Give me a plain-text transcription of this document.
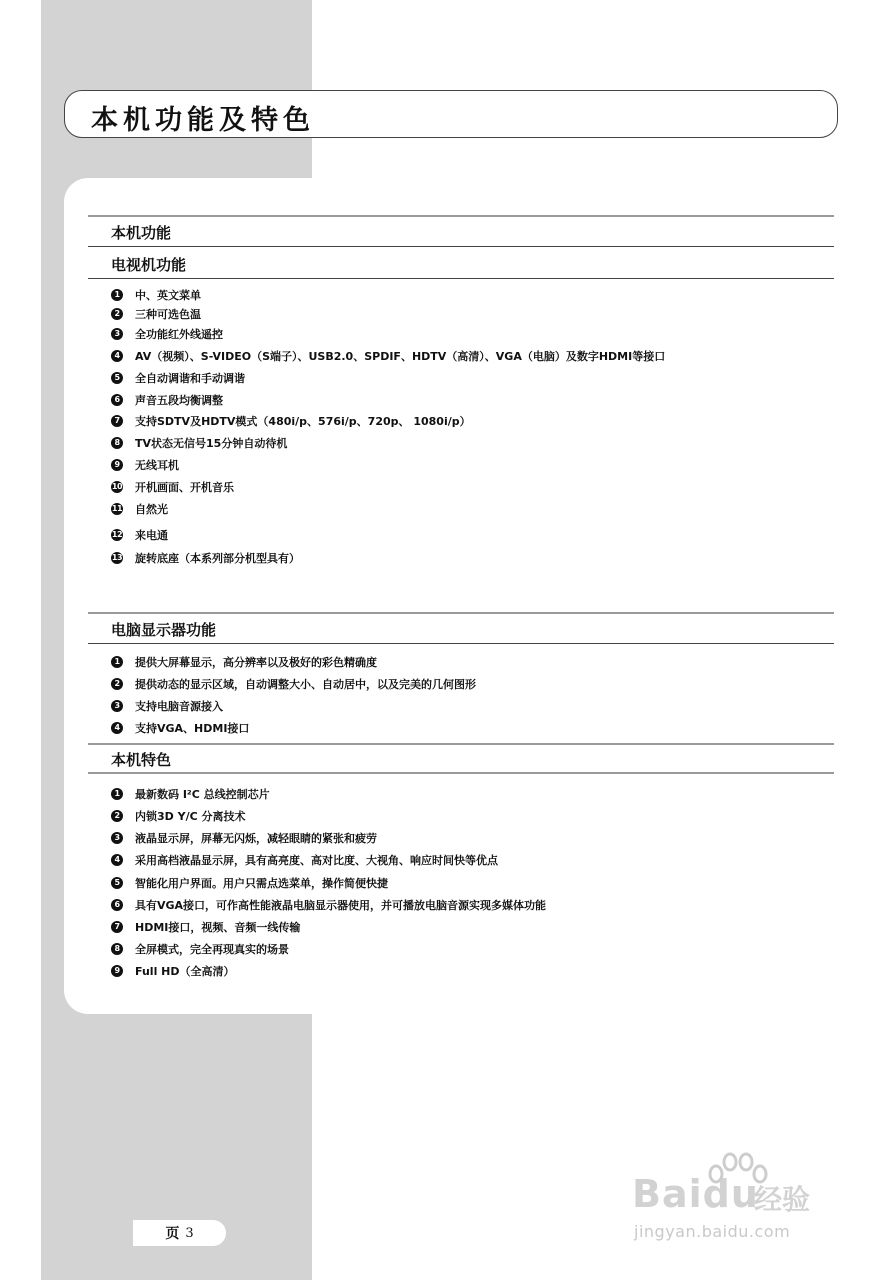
本机功能及特色
本机功能
电视机功能
1	中、英文菜单
2	三种可选色温
3	全功能红外线遥控
4	AV（视频）、S-VIDEO（S端子）、USB2.0、SPDIF、HDTV（高清）、VGA（电脑）及数字HDMI等接口
5	全自动调谐和手动调谐
6	声音五段均衡调整
7	支持SDTV及HDTV模式（480i/p、576i/p、720p、 1080i/p）
8	TV状态无信号15分钟自动待机
9	无线耳机
10 开机画面、开机音乐
11 自然光
12 来电通
13 旋转底座（本系列部分机型具有）
电脑显示器功能
1	提供大屏幕显示，高分辨率以及极好的彩色精确度
2	提供动态的显示区域，自动调整大小、自动居中，以及完美的几何图形
3	支持电脑音源接入
4	支持VGA、HDMI接口
本机特色
1	最新数码 I²C 总线控制芯片
2	内锁3D Y/C 分离技术
3	液晶显示屏，屏幕无闪烁，减轻眼睛的紧张和疲劳
4	采用高档液晶显示屏，具有高亮度、高对比度、大视角、响应时间快等优点
5	智能化用户界面。用户只需点选菜单，操作简便快捷
6	具有VGA接口，可作高性能液晶电脑显示器使用，并可播放电脑音源实现多媒体功能
7	HDMI接口，视频、音频一线传输
8	全屏模式，完全再现真实的场景
9	Full HD（全高清）
页 3
Baidu
经验
jingyan.baidu.com
